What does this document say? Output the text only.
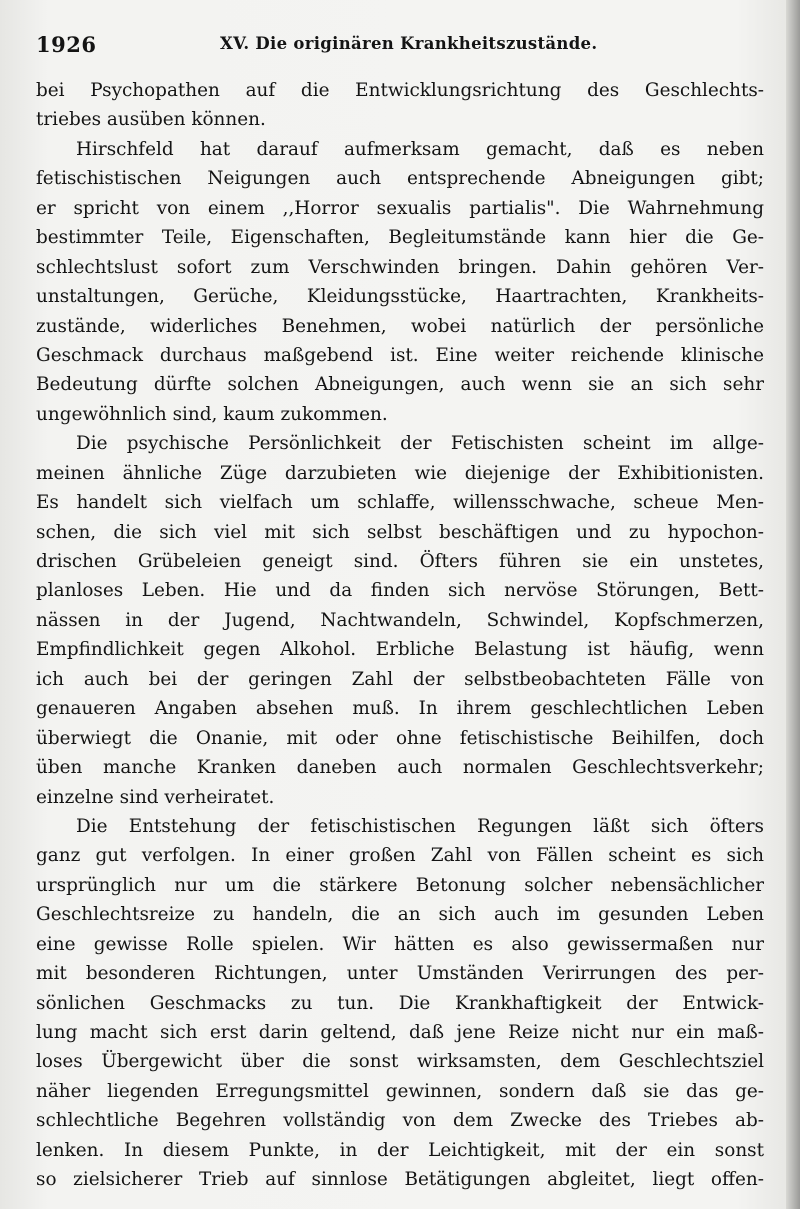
1926	XV. Die originären Krankheitszustände.
bei Psychopathen auf die Entwicklungsrichtung des Geschlechts-
triebes ausüben können.
Hirschfeld hat darauf aufmerksam gemacht, daß es neben
fetischistischen Neigungen auch entsprechende Abneigungen gibt;
er spricht von einem ,,Horror sexualis partialis". Die Wahrnehmung
bestimmter Teile, Eigenschaften, Begleitumstände kann hier die Ge-
schlechtslust sofort zum Verschwinden bringen. Dahin gehören Ver-
unstaltungen, Gerüche, Kleidungsstücke, Haartrachten, Krankheits-
zustände, widerliches Benehmen, wobei natürlich der persönliche
Geschmack durchaus maßgebend ist. Eine weiter reichende klinische
Bedeutung dürfte solchen Abneigungen, auch wenn sie an sich sehr
ungewöhnlich sind, kaum zukommen.
Die psychische Persönlichkeit der Fetischisten scheint im allge-
meinen ähnliche Züge darzubieten wie diejenige der Exhibitionisten.
Es handelt sich vielfach um schlaffe, willensschwache, scheue Men-
schen, die sich viel mit sich selbst beschäftigen und zu hypochon-
drischen Grübeleien geneigt sind. Öfters führen sie ein unstetes,
planloses Leben. Hie und da finden sich nervöse Störungen, Bett-
nässen in der Jugend, Nachtwandeln, Schwindel, Kopfschmerzen,
Empfindlichkeit gegen Alkohol. Erbliche Belastung ist häufig, wenn
ich auch bei der geringen Zahl der selbstbeobachteten Fälle von
genaueren Angaben absehen muß. In ihrem geschlechtlichen Leben
überwiegt die Onanie, mit oder ohne fetischistische Beihilfen, doch
üben manche Kranken daneben auch normalen Geschlechtsverkehr;
einzelne sind verheiratet.
Die Entstehung der fetischistischen Regungen läßt sich öfters
ganz gut verfolgen. In einer großen Zahl von Fällen scheint es sich
ursprünglich nur um die stärkere Betonung solcher nebensächlicher
Geschlechtsreize zu handeln, die an sich auch im gesunden Leben
eine gewisse Rolle spielen. Wir hätten es also gewissermaßen nur
mit besonderen Richtungen, unter Umständen Verirrungen des per-
sönlichen Geschmacks zu tun. Die Krankhaftigkeit der Entwick-
lung macht sich erst darin geltend, daß jene Reize nicht nur ein maß-
loses Übergewicht über die sonst wirksamsten, dem Geschlechtsziel
näher liegenden Erregungsmittel gewinnen, sondern daß sie das ge-
schlechtliche Begehren vollständig von dem Zwecke des Triebes ab-
lenken. In diesem Punkte, in der Leichtigkeit, mit der ein sonst
so zielsicherer Trieb auf sinnlose Betätigungen abgleitet, liegt offen-
